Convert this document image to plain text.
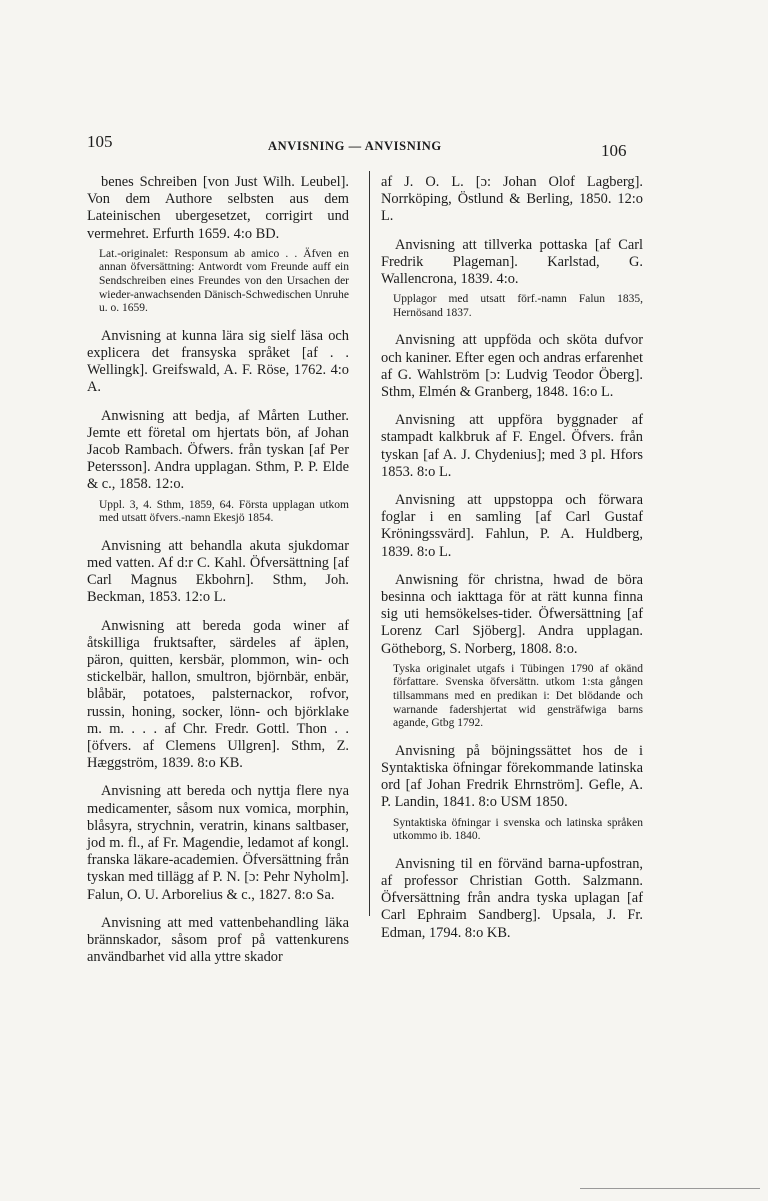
105	ANVISNING — ANVISNING	106

benes Schreiben [von Just Wilh. Leubel]. Von dem Authore selbsten aus dem Lateinischen ubergesetzet, corrigirt und vermehret. Erfurth 1659. 4:o BD.

Lat.-originalet: Responsum ab amico . . Äfven en annan öfversättning: Antwordt vom Freunde auff ein Sendschreiben eines Freundes von den Ursachen der wieder-anwachsenden Dänisch-Schwedischen Unruhe u. o. 1659.

Anvisning at kunna lära sig sielf läsa och explicera det fransyska språket [af . . Wellingk]. Greifswald, A. F. Röse, 1762. 4:o A.

Anwisning att bedja, af Mårten Luther. Jemte ett företal om hjertats bön, af Johan Jacob Rambach. Öfwers. från tyskan [af Per Petersson]. Andra upplagan. Sthm, P. P. Elde & c., 1858. 12:o.

Uppl. 3, 4. Sthm, 1859, 64. Första upplagan utkom med utsatt öfvers.-namn Ekesjö 1854.

Anvisning att behandla akuta sjukdomar med vatten. Af d:r C. Kahl. Öfversättning [af Carl Magnus Ekbohrn]. Sthm, Joh. Beckman, 1853. 12:o L.

Anwisning att bereda goda winer af åtskilliga fruktsafter, särdeles af äplen, päron, quitten, kersbär, plommon, win- och stickelbär, hallon, smultron, björnbär, enbär, blåbär, potatoes, palsternackor, rofvor, russin, honing, socker, lönn- och björklake m. m. . . . af Chr. Fredr. Gottl. Thon . . [öfvers. af Clemens Ullgren]. Sthm, Z. Hæggström, 1839. 8:o KB.

Anvisning att bereda och nyttja flere nya medicamenter, såsom nux vomica, morphin, blåsyra, strychnin, veratrin, kinans saltbaser, jod m. fl., af Fr. Magendie, ledamot af kongl. franska läkare-academien. Öfversättning från tyskan med tillägg af P. N. [ɔ: Pehr Nyholm]. Falun, O. U. Arborelius & c., 1827. 8:o Sa.

Anvisning att med vattenbehandling läka brännskador, såsom prof på vattenkurens användbarhet vid alla yttre skador

af J. O. L. [ɔ: Johan Olof Lagberg]. Norrköping, Östlund & Berling, 1850. 12:o L.

Anvisning att tillverka pottaska [af Carl Fredrik Plageman]. Karlstad, G. Wallencrona, 1839. 4:o.

Upplagor med utsatt förf.-namn Falun 1835, Hernösand 1837.

Anvisning att uppföda och sköta dufvor och kaniner. Efter egen och andras erfarenhet af G. Wahlström [ɔ: Ludvig Teodor Öberg]. Sthm, Elmén & Granberg, 1848. 16:o L.

Anvisning att uppföra byggnader af stampadt kalkbruk af F. Engel. Öfvers. från tyskan [af A. J. Chydenius]; med 3 pl. Hfors 1853. 8:o L.

Anvisning att uppstoppa och förwara foglar i en samling [af Carl Gustaf Kröningssvärd]. Fahlun, P. A. Huldberg, 1839. 8:o L.

Anwisning för christna, hwad de böra besinna och iakttaga för at rätt kunna finna sig uti hemsökelses-tider. Öfwersättning [af Lorenz Carl Sjöberg]. Andra upplagan. Götheborg, S. Norberg, 1808. 8:o.

Tyska originalet utgafs i Tübingen 1790 af okänd författare. Svenska öfversättn. utkom 1:sta gången tillsammans med en predikan i: Det blödande och warnande fadershjertat wid gensträfwiga barns agande, Gtbg 1792.

Anvisning på böjningssättet hos de i Syntaktiska öfningar förekommande latinska ord [af Johan Fredrik Ehrnström]. Gefle, A. P. Landin, 1841. 8:o USM 1850.

Syntaktiska öfningar i svenska och latinska språken utkommo ib. 1840.

Anvisning til en förvänd barna-upfostran, af professor Christian Gotth. Salzmann. Öfversättning från andra tyska uplagan [af Carl Ephraim Sandberg]. Upsala, J. Fr. Edman, 1794. 8:o KB.
